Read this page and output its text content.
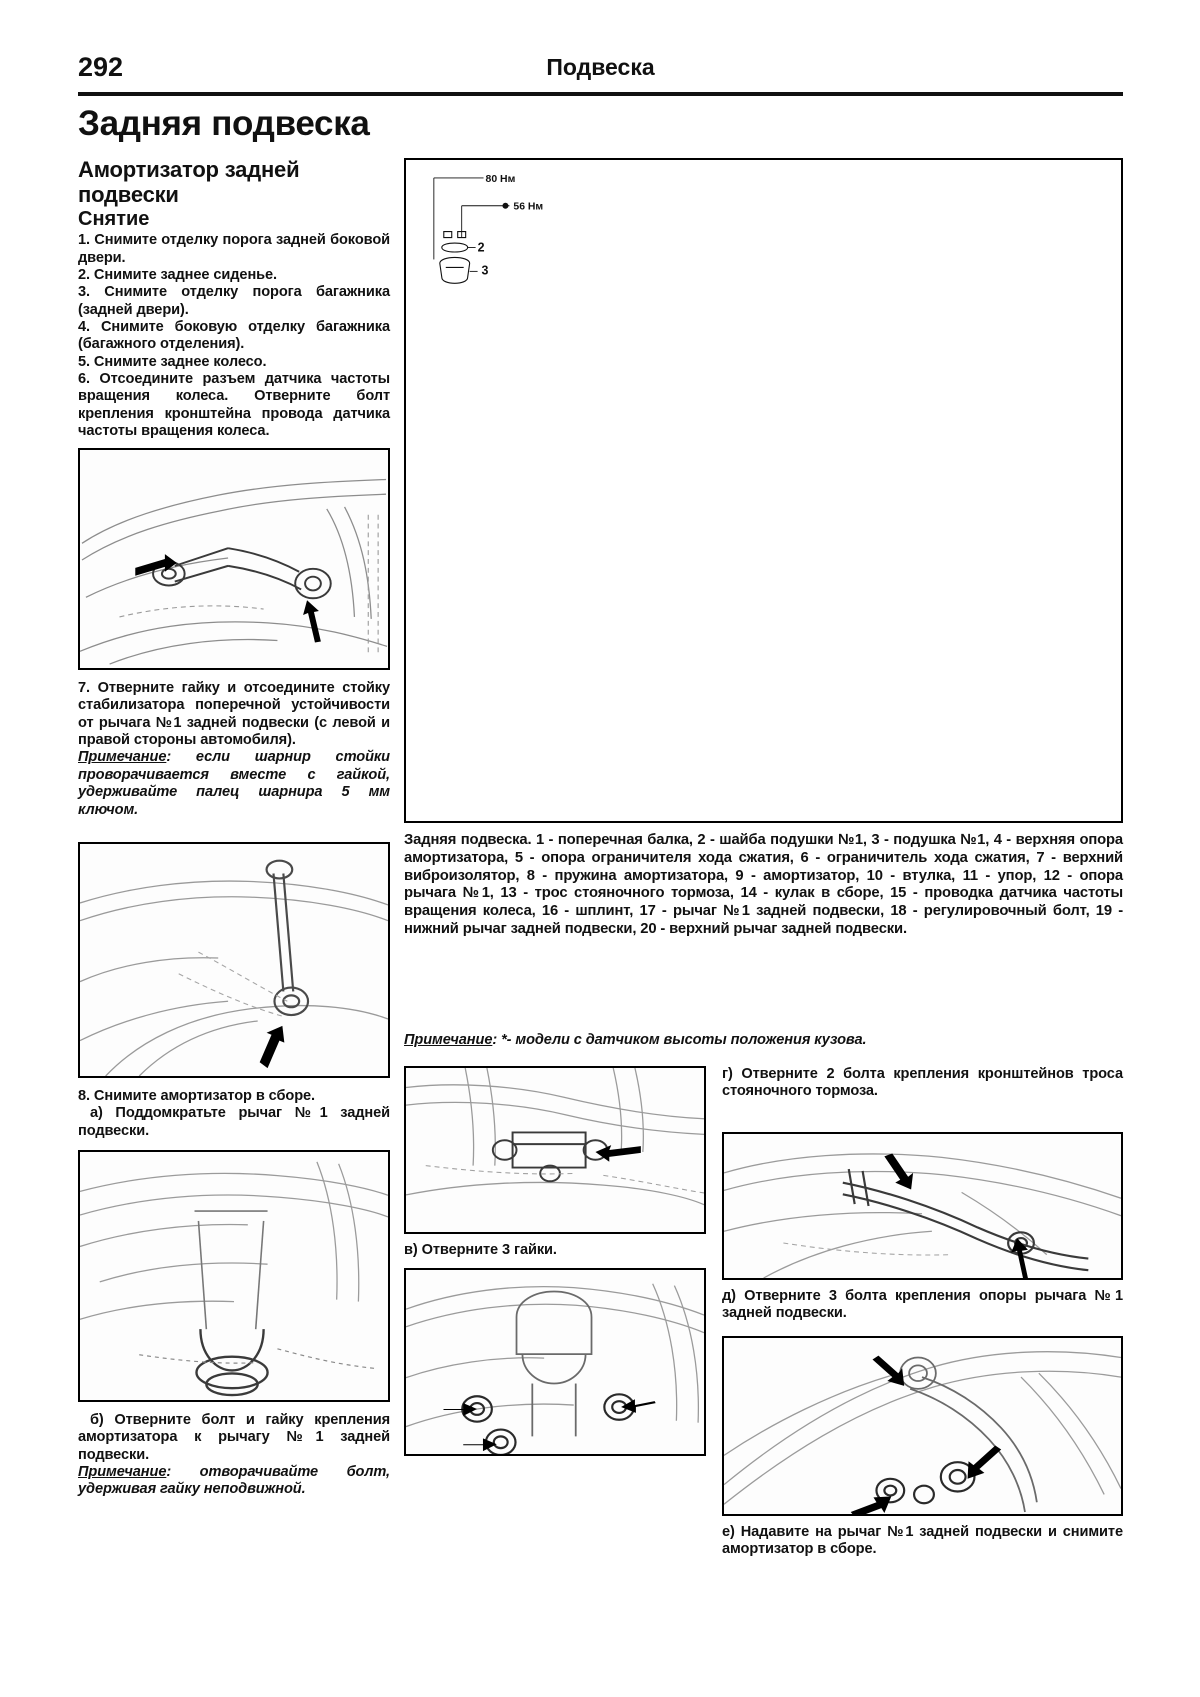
292	Подвеска
Задняя подвеска
Амортизатор задней подвески
Снятие
1. Снимите отделку порога задней боковой двери.
2. Снимите заднее сиденье.
3. Снимите отделку порога багажника (задней двери).
4. Снимите боковую отделку багажника (багажного отделения).
5. Снимите заднее колесо.
6. Отсоедините разъем датчика частоты вращения колеса. Отверните болт крепления кронштейна провода датчика частоты вращения колеса.
7. Отверните гайку и отсоедините стойку стабилизатора поперечной устойчивости от рычага №1 задней подвески (с левой и правой стороны автомобиля).
Примечание: если шарнир стойки проворачивается вместе с гайкой, удерживайте палец шарнира 5 мм ключом.
8. Снимите амортизатор в сборе.
а) Поддомкратьте рычаг №1 задней подвески.
б) Отверните болт и гайку крепления амортизатора к рычагу №1 задней подвески.
Примечание: отворачивайте болт, удерживая гайку неподвижной.
80 Нм
56 Нм
2
3
Задняя подвеска. 1 - поперечная балка, 2 - шайба подушки №1, 3 - подушка №1, 4 - верхняя опора амортизатора, 5 - опора ограничителя хода сжатия, 6 - ограничитель хода сжатия, 7 - верхний виброизолятор, 8 - пружина амортизатора, 9 - амортизатор, 10 - втулка, 11 - упор, 12 - опора рычага №1, 13 - трос стояночного тормоза, 14 - кулак в сборе, 15 - проводка датчика частоты вращения колеса, 16 - шплинт, 17 - рычаг №1 задней подвески, 18 - регулировочный болт, 19 - нижний рычаг задней подвески, 20 - верхний рычаг задней подвески.
Примечание: *- модели с датчиком высоты положения кузова.
в) Отверните 3 гайки.
г) Отверните 2 болта крепления кронштейнов троса стояночного тормоза.
д) Отверните 3 болта крепления опоры рычага №1 задней подвески.
е) Надавите на рычаг №1 задней подвески и снимите амортизатор в сборе.
